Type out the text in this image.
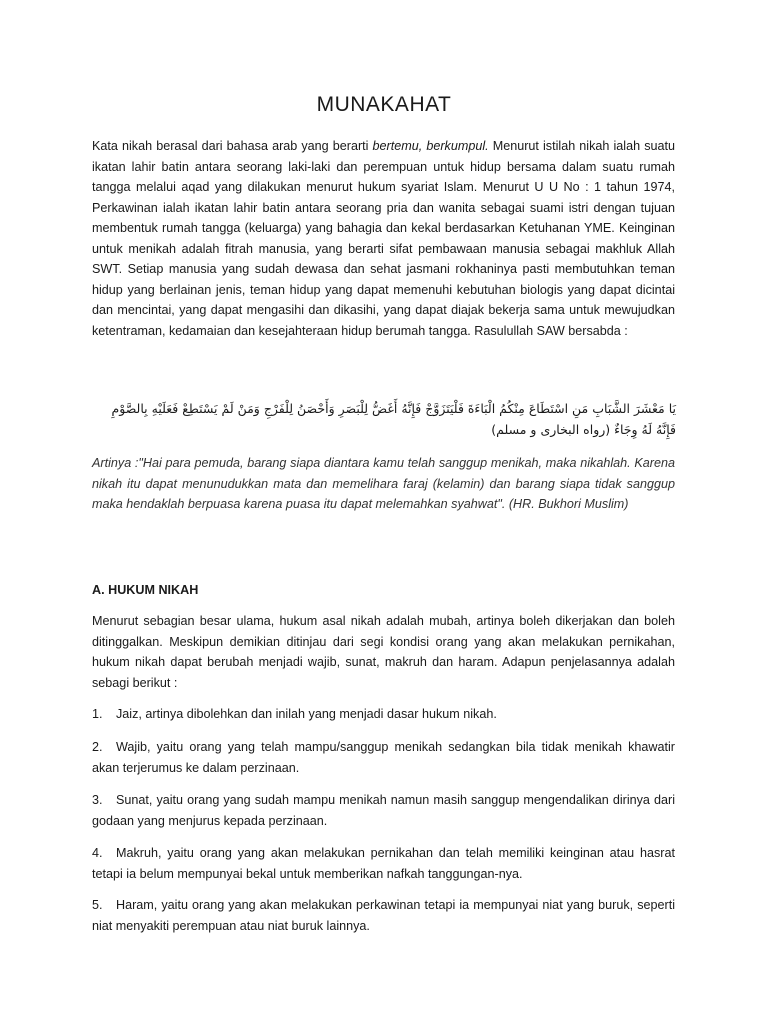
MUNAKAHAT

Kata nikah berasal dari bahasa arab yang berarti bertemu, berkumpul. Menurut istilah nikah ialah suatu ikatan lahir batin antara seorang laki-laki dan perempuan untuk hidup bersama dalam suatu rumah tangga melalui aqad yang dilakukan menurut hukum syariat Islam. Menurut U U No : 1 tahun 1974, Perkawinan ialah ikatan lahir batin antara seorang pria dan wanita sebagai suami istri dengan tujuan membentuk rumah tangga (keluarga) yang bahagia dan kekal berdasarkan Ketuhanan YME. Keinginan untuk menikah adalah fitrah manusia, yang berarti sifat pembawaan manusia sebagai makhluk Allah SWT. Setiap manusia yang sudah dewasa dan sehat jasmani rokhaninya pasti membutuhkan teman hidup yang berlainan jenis, teman hidup yang dapat memenuhi kebutuhan biologis yang dapat dicintai dan mencintai, yang dapat mengasihi dan dikasihi, yang dapat diajak bekerja sama untuk mewujudkan ketentraman, kedamaian dan kesejahteraan hidup berumah tangga. Rasulullah SAW bersabda :

يَا مَعْشَرَ الشَّبَابِ مَنِ اسْتَطَاعَ مِنْكُمُ الْبَاءَةَ فَلْيَتَزَوَّجْ فَإِنَّهُ أَغَضُّ لِلْبَصَرِ وَأَحْصَنُ لِلْفَرْجِ وَمَنْ لَمْ يَسْتَطِعْ فَعَلَيْهِ بِالصَّوْمِ فَإِنَّهُ لَهُ وِجَاءٌ (رواه البخارى و مسلم)

Artinya :"Hai para pemuda, barang siapa diantara kamu telah sanggup menikah, maka nikahlah. Karena nikah itu dapat menunudukkan mata dan memelihara faraj (kelamin) dan barang siapa tidak sanggup maka hendaklah berpuasa karena puasa itu dapat melemahkan syahwat". (HR. Bukhori Muslim)

A. HUKUM NIKAH

Menurut sebagian besar ulama, hukum asal nikah adalah mubah, artinya boleh dikerjakan dan boleh ditinggalkan. Meskipun demikian ditinjau dari segi kondisi orang yang akan melakukan pernikahan, hukum nikah dapat berubah menjadi wajib, sunat, makruh dan haram. Adapun penjelasannya adalah sebagi berikut :

1. Jaiz, artinya dibolehkan dan inilah yang menjadi dasar hukum nikah.

2. Wajib, yaitu orang yang telah mampu/sanggup menikah sedangkan bila tidak menikah khawatir akan terjerumus ke dalam perzinaan.

3. Sunat, yaitu orang yang sudah mampu menikah namun masih sanggup mengendalikan dirinya dari godaan yang menjurus kepada perzinaan.

4. Makruh, yaitu orang yang akan melakukan pernikahan dan telah memiliki keinginan atau hasrat tetapi ia belum mempunyai bekal untuk memberikan nafkah tanggungan-nya.

5. Haram, yaitu orang yang akan melakukan perkawinan tetapi ia mempunyai niat yang buruk, seperti niat menyakiti perempuan atau niat buruk lainnya.
